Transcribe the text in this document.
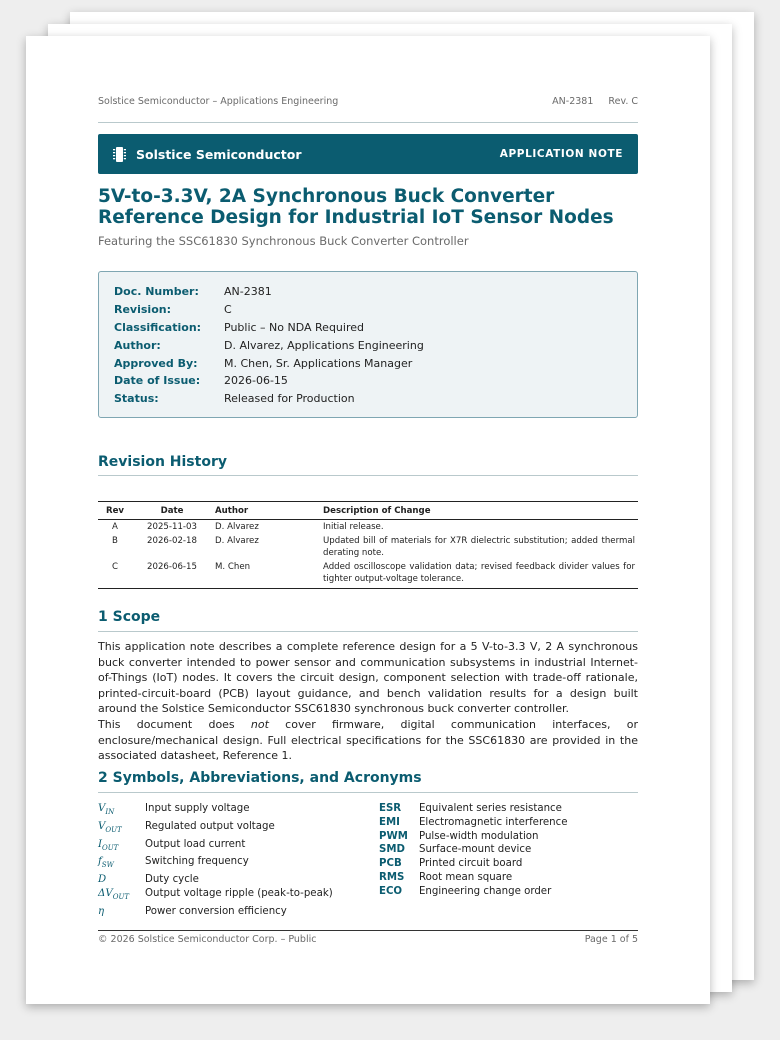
Solstice Semiconductor – Applications Engineering	AN-2381 Rev. C
Solstice Semiconductor	APPLICATION NOTE
5V-to-3.3V, 2A Synchronous Buck Converter
Reference Design for Industrial IoT Sensor Nodes
Featuring the SSC61830 Synchronous Buck Converter Controller
Doc. Number:	AN-2381
Revision:	C
Classification:	Public – No NDA Required
Author:	D. Alvarez, Applications Engineering
Approved By:	M. Chen, Sr. Applications Manager
Date of Issue:	2026-06-15
Status:	Released for Production
Revision History
Rev	Date	Author	Description of Change
A	2025-11-03	D. Alvarez	Initial release.
B	2026-02-18	D. Alvarez	Updated bill of materials for X7R dielectric substitution; added thermal derating note.
C	2026-06-15	M. Chen	Added oscilloscope validation data; revised feedback divider values for tighter output-voltage tolerance.
1 Scope
This application note describes a complete reference design for a 5 V-to-3.3 V, 2 A synchronous buck converter intended to power sensor and communication subsystems in industrial Internet-of-Things (IoT) nodes. It covers the circuit design, component selection with trade-off rationale, printed-circuit-board (PCB) layout guidance, and bench validation results for a design built around the Solstice Semiconductor SSC61830 synchronous buck converter controller.
This document does not cover firmware, digital communication interfaces, or enclosure/mechanical design. Full electrical specifications for the SSC61830 are provided in the associated datasheet, Reference 1.
2 Symbols, Abbreviations, and Acronyms
$V_{IN}$	Input supply voltage
$V_{OUT}$	Regulated output voltage
$I_{OUT}$	Output load current
$f_{SW}$	Switching frequency
D	Duty cycle
$\Delta V_{OUT}$	Output voltage ripple (peak-to-peak)
η	Power conversion efficiency
ESR	Equivalent series resistance
EMI	Electromagnetic interference
PWM	Pulse-width modulation
SMD	Surface-mount device
PCB	Printed circuit board
RMS	Root mean square
ECO	Engineering change order
© 2026 Solstice Semiconductor Corp. – Public	Page 1 of 5
